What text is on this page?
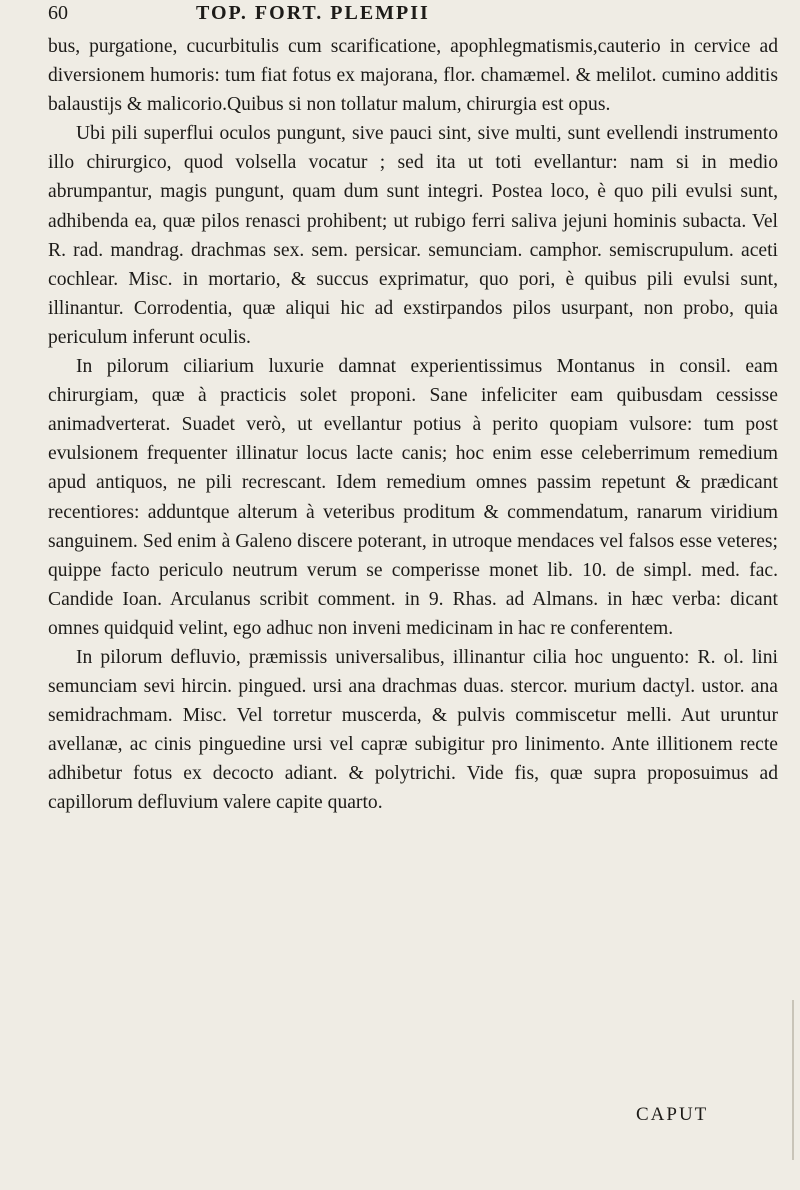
60	TOP. FORT. PLEMPII

bus, purgatione, cucurbitulis cum scarificatione, apophlegmatismis,cauterio in cervice ad diversionem humoris: tum fiat fotus ex majorana, flor. chamæmel. & melilot. cumino additis balaustijs & malicorio.Quibus si non tollatur malum, chirurgia est opus.

Ubi pili superflui oculos pungunt, sive pauci sint, sive multi, sunt evellendi instrumento illo chirurgico, quod volsella vocatur ; sed ita ut toti evellantur: nam si in medio abrumpantur, magis pungunt, quam dum sunt integri. Postea loco, è quo pili evulsi sunt, adhibenda ea, quæ pilos renasci prohibent; ut rubigo ferri saliva jejuni hominis subacta. Vel R. rad. mandrag. drachmas sex. sem. persicar. semunciam. camphor. semiscrupulum. aceti cochlear. Misc. in mortario, & succus exprimatur, quo pori, è quibus pili evulsi sunt, illinantur. Corrodentia, quæ aliqui hic ad exstirpandos pilos usurpant, non probo, quia periculum inferunt oculis.

In pilorum ciliarium luxurie damnat experientissimus Montanus in consil. eam chirurgiam, quæ à practicis solet proponi. Sane infeliciter eam quibusdam cessisse animadverterat. Suadet verò, ut evellantur potius à perito quopiam vulsore: tum post evulsionem frequenter illinatur locus lacte canis; hoc enim esse celeberrimum remedium apud antiquos, ne pili recrescant. Idem remedium omnes passim repetunt & prædicant recentiores: adduntque alterum à veteribus proditum & commendatum, ranarum viridium sanguinem. Sed enim à Galeno discere poterant, in utroque mendaces vel falsos esse veteres; quippe facto periculo neutrum verum se comperisse monet lib. 10. de simpl. med. fac. Candide Ioan. Arculanus scribit comment. in 9. Rhas. ad Almans. in hæc verba: dicant omnes quidquid velint, ego adhuc non inveni medicinam in hac re conferentem.

In pilorum defluvio, præmissis universalibus, illinantur cilia hoc unguento: R. ol. lini semunciam sevi hircin. pingued. ursi ana drachmas duas. stercor. murium dactyl. ustor. ana semidrachmam. Misc. Vel torretur muscerda, & pulvis commiscetur melli. Aut uruntur avellanæ, ac cinis pinguedine ursi vel capræ subigitur pro linimento. Ante illitionem recte adhibetur fotus ex decocto adiant. & polytrichi. Vide fis, quæ supra proposuimus ad capillorum defluvium valere capite quarto.

CAPUT
